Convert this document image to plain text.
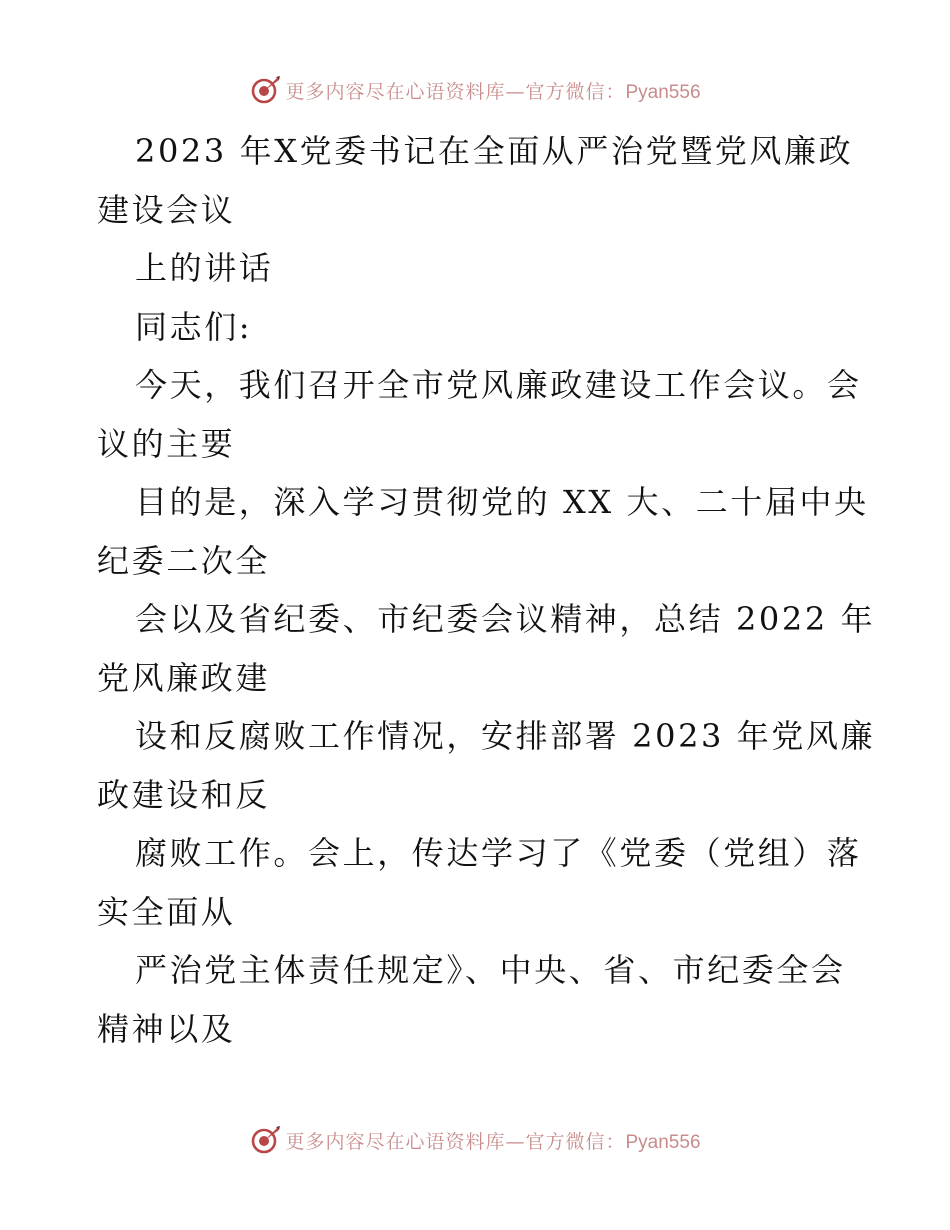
更多内容尽在心语资料库—官方微信：Pyan556
2023 年X党委书记在全面从严治党暨党风廉政
建设会议
上的讲话
同志们:
今天，我们召开全市党风廉政建设工作会议。会
议的主要
目的是，深入学习贯彻党的 XX 大、二十届中央
纪委二次全
会以及省纪委、市纪委会议精神，总结 2022 年
党风廉政建
设和反腐败工作情况，安排部署 2023 年党风廉
政建设和反
腐败工作。会上，传达学习了《党委（党组）落
实全面从
严治党主体责任规定》、中央、省、市纪委全会
精神以及
更多内容尽在心语资料库—官方微信：Pyan556
